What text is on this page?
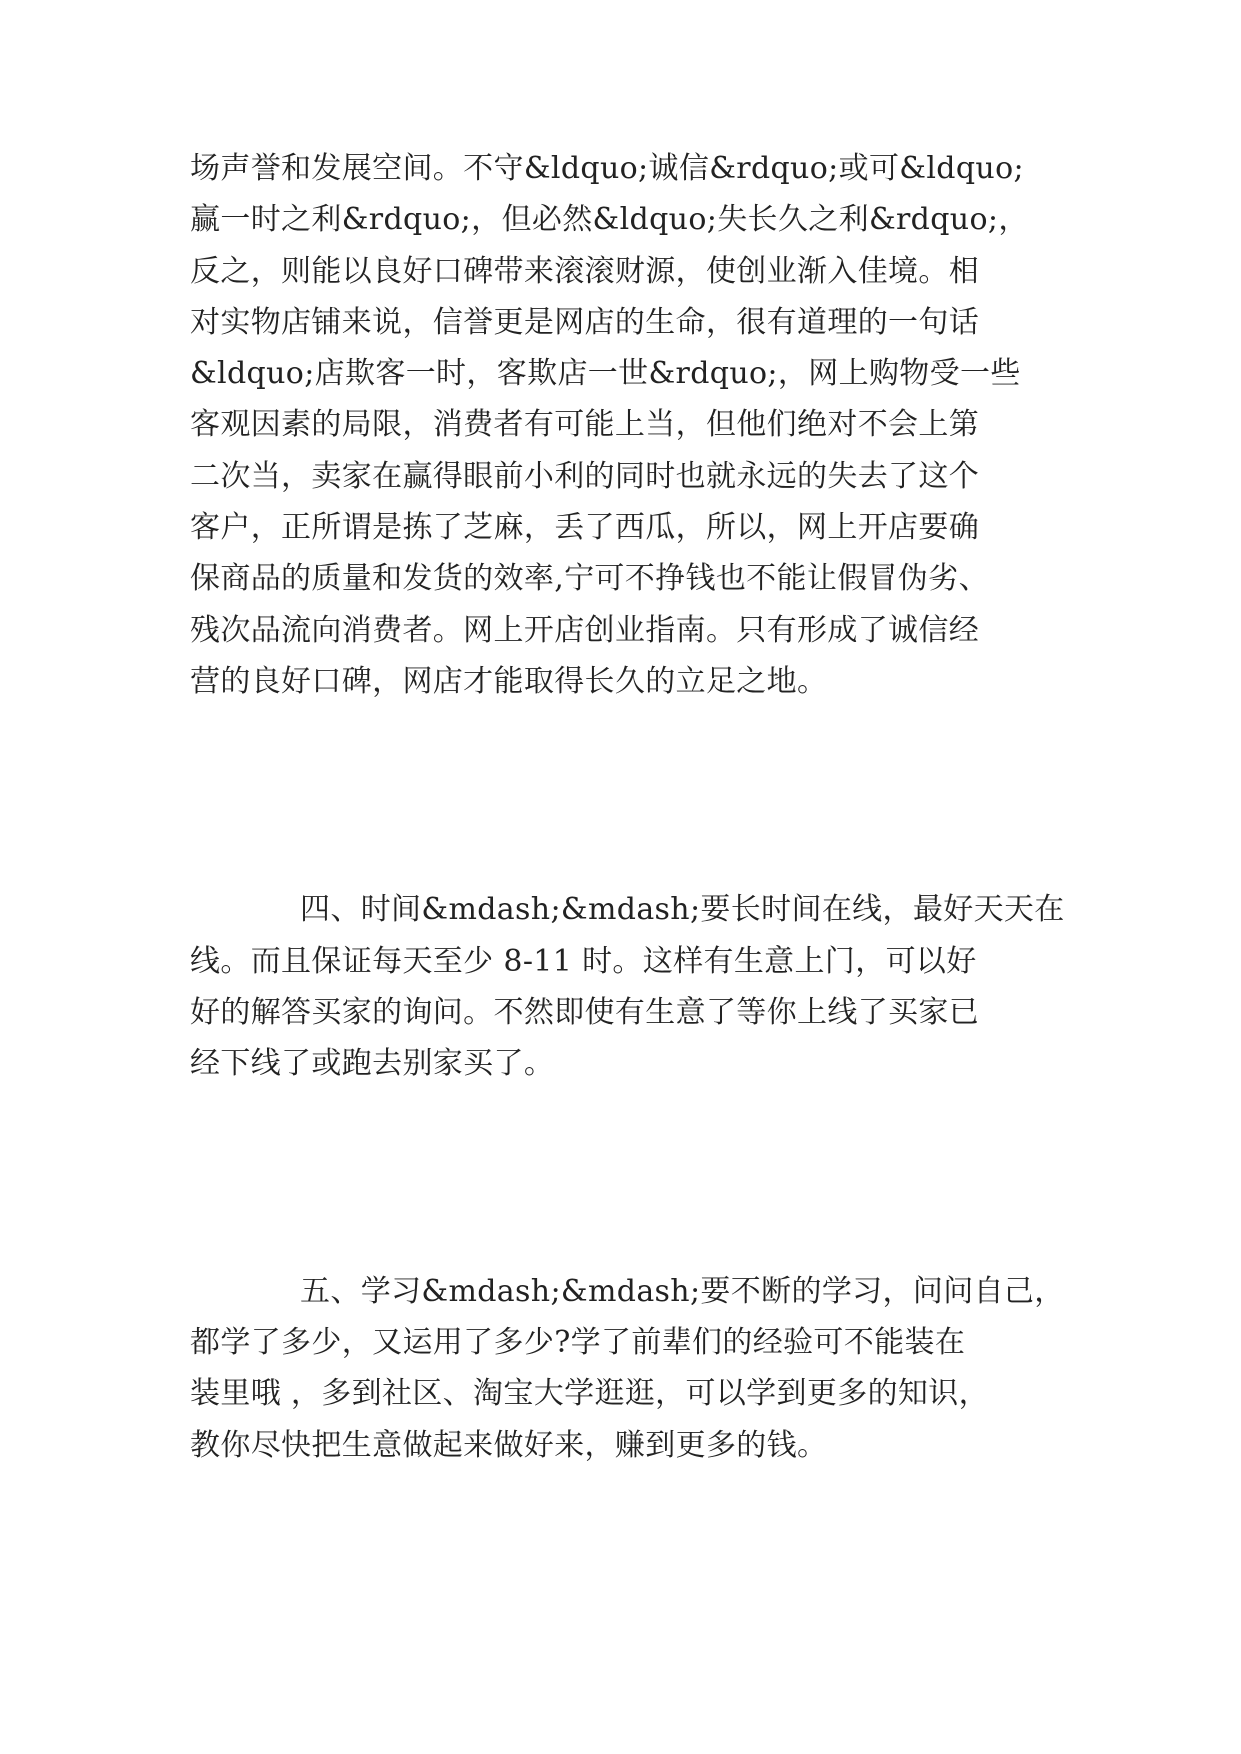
场声誉和发展空间。不守&ldquo;诚信&rdquo;或可&ldquo;
赢一时之利&rdquo;，但必然&ldquo;失长久之利&rdquo;，
反之，则能以良好口碑带来滚滚财源，使创业渐入佳境。相
对实物店铺来说，信誉更是网店的生命，很有道理的一句话
&ldquo;店欺客一时，客欺店一世&rdquo;，网上购物受一些
客观因素的局限，消费者有可能上当，但他们绝对不会上第
二次当，卖家在赢得眼前小利的同时也就永远的失去了这个
客户，正所谓是拣了芝麻，丢了西瓜，所以，网上开店要确
保商品的质量和发货的效率,宁可不挣钱也不能让假冒伪劣、
残次品流向消费者。网上开店创业指南。只有形成了诚信经
营的良好口碑，网店才能取得长久的立足之地。
四、时间&mdash;&mdash;要长时间在线，最好天天在
线。而且保证每天至少 8-11 时。这样有生意上门，可以好
好的解答买家的询问。不然即使有生意了等你上线了买家已
经下线了或跑去别家买了。
五、学习&mdash;&mdash;要不断的学习，问问自己，
都学了多少，又运用了多少?学了前辈们的经验可不能装在
装里哦 ，多到社区、淘宝大学逛逛，可以学到更多的知识，
教你尽快把生意做起来做好来，赚到更多的钱。
